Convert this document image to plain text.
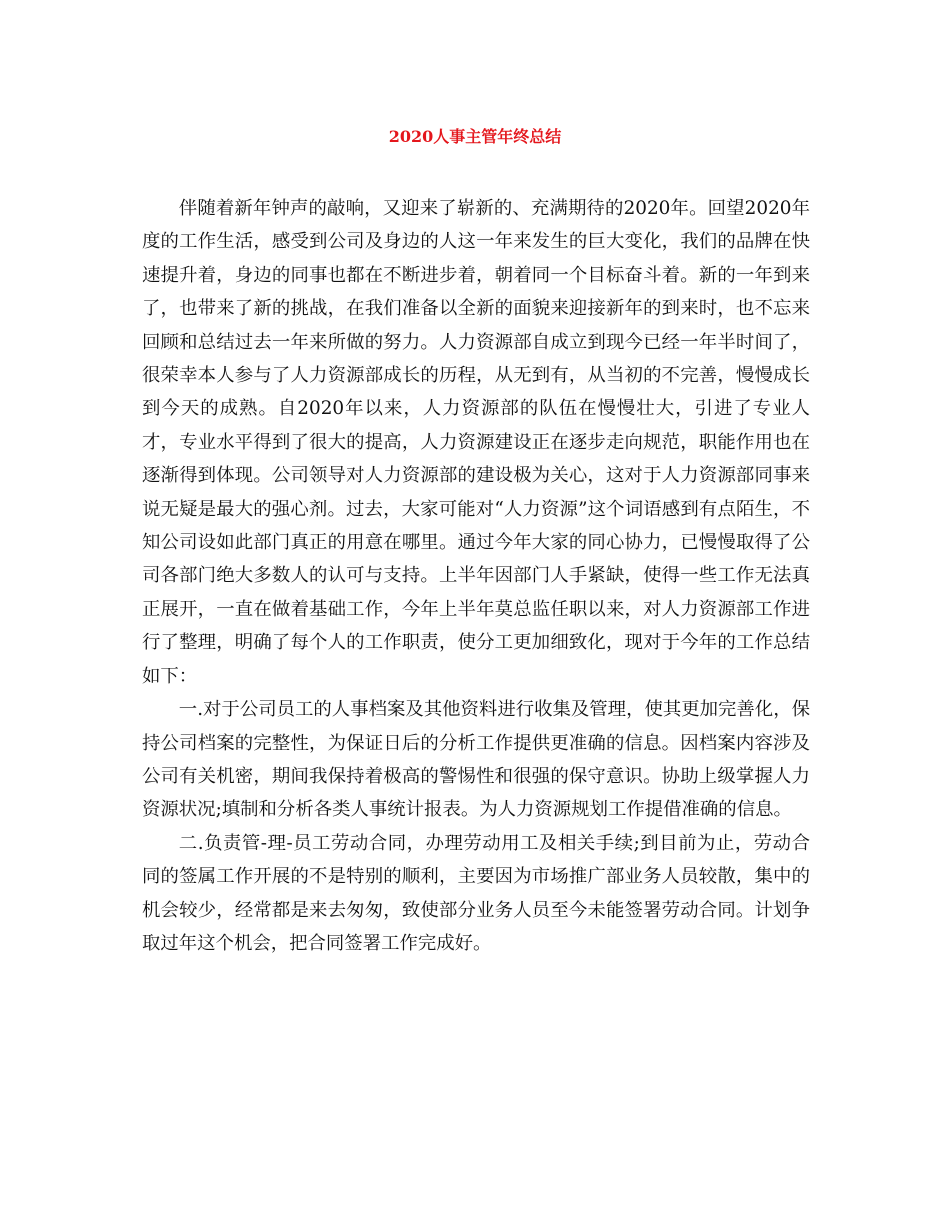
2020人事主管年终总结

伴随着新年钟声的敲响，又迎来了崭新的、充满期待的2020年。回望2020年度的工作生活，感受到公司及身边的人这一年来发生的巨大变化，我们的品牌在快速提升着，身边的同事也都在不断进步着，朝着同一个目标奋斗着。新的一年到来了，也带来了新的挑战，在我们准备以全新的面貌来迎接新年的到来时，也不忘来回顾和总结过去一年来所做的努力。人力资源部自成立到现今已经一年半时间了，很荣幸本人参与了人力资源部成长的历程，从无到有，从当初的不完善，慢慢成长到今天的成熟。自2020年以来，人力资源部的队伍在慢慢壮大，引进了专业人才，专业水平得到了很大的提高，人力资源建设正在逐步走向规范，职能作用也在逐渐得到体现。公司领导对人力资源部的建设极为关心，这对于人力资源部同事来说无疑是最大的强心剂。过去，大家可能对“人力资源”这个词语感到有点陌生，不知公司设如此部门真正的用意在哪里。通过今年大家的同心协力，已慢慢取得了公司各部门绝大多数人的认可与支持。上半年因部门人手紧缺，使得一些工作无法真正展开，一直在做着基础工作，今年上半年莫总监任职以来，对人力资源部工作进行了整理，明确了每个人的工作职责，使分工更加细致化，现对于今年的工作总结如下：

一.对于公司员工的人事档案及其他资料进行收集及管理，使其更加完善化，保持公司档案的完整性，为保证日后的分析工作提供更准确的信息。因档案内容涉及公司有关机密，期间我保持着极高的警惕性和很强的保守意识。协助上级掌握人力资源状况;填制和分析各类人事统计报表。为人力资源规划工作提借准确的信息。

二.负责管-理-员工劳动合同，办理劳动用工及相关手续;到目前为止，劳动合同的签属工作开展的不是特别的顺利，主要因为市场推广部业务人员较散，集中的机会较少，经常都是来去匆匆，致使部分业务人员至今未能签署劳动合同。计划争取过年这个机会，把合同签署工作完成好。
